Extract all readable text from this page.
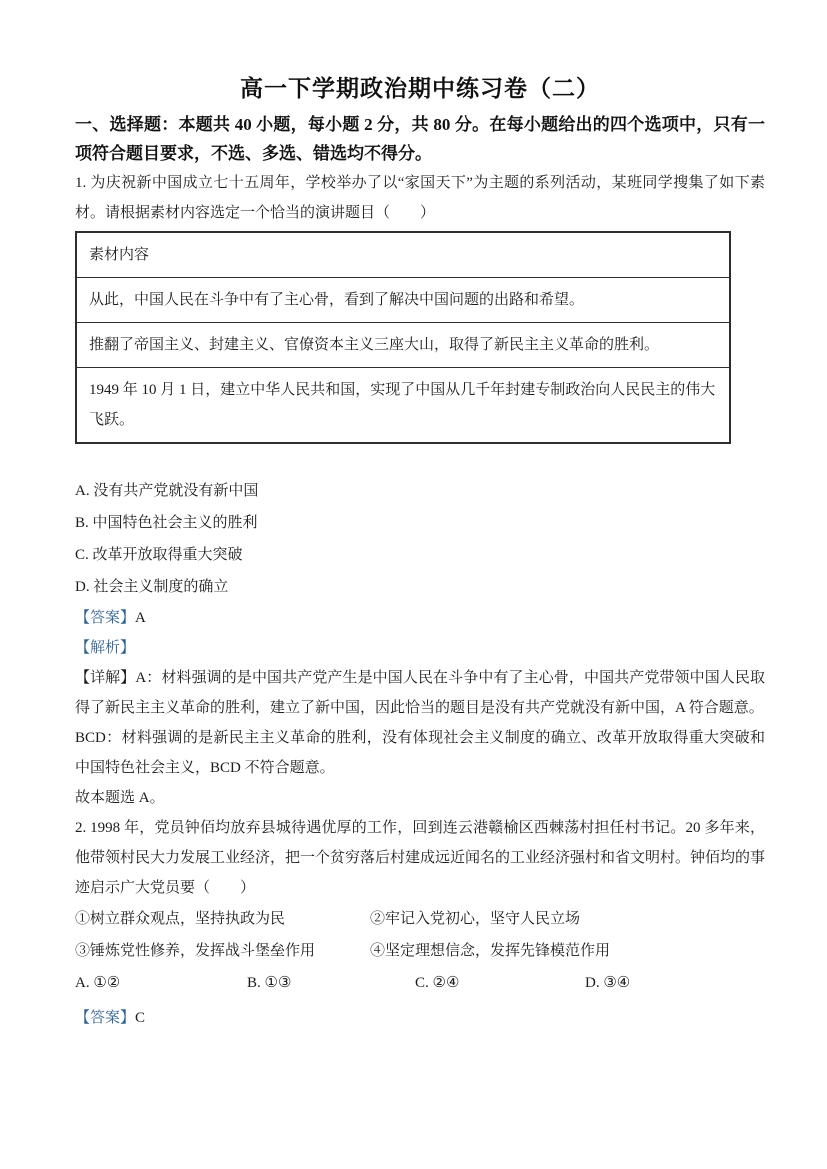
高一下学期政治期中练习卷（二）

一、选择题：本题共 40 小题，每小题 2 分，共 80 分。在每小题给出的四个选项中，只有一项符合题目要求，不选、多选、错选均不得分。

1. 为庆祝新中国成立七十五周年，学校举办了以“家国天下”为主题的系列活动，某班同学搜集了如下素材。请根据素材内容选定一个恰当的演讲题目（　　）

素材内容
从此，中国人民在斗争中有了主心骨，看到了解决中国问题的出路和希望。
推翻了帝国主义、封建主义、官僚资本主义三座大山，取得了新民主主义革命的胜利。
1949 年 10 月 1 日，建立中华人民共和国，实现了中国从几千年封建专制政治向人民民主的伟大飞跃。

A. 没有共产党就没有新中国

B. 中国特色社会主义的胜利

C. 改革开放取得重大突破

D. 社会主义制度的确立

【答案】A

【解析】

【详解】A：材料强调的是中国共产党产生是中国人民在斗争中有了主心骨，中国共产党带领中国人民取得了新民主主义革命的胜利，建立了新中国，因此恰当的题目是没有共产党就没有新中国，A 符合题意。

BCD：材料强调的是新民主主义革命的胜利，没有体现社会主义制度的确立、改革开放取得重大突破和中国特色社会主义，BCD 不符合题意。

故本题选 A。

2. 1998 年，党员钟佰均放弃县城待遇优厚的工作，回到连云港赣榆区西棘荡村担任村书记。20 多年来，他带领村民大力发展工业经济，把一个贫穷落后村建成远近闻名的工业经济强村和省文明村。钟佰均的事迹启示广大党员要（　　）

①树立群众观点，坚持执政为民	②牢记入党初心，坚守人民立场
③锤炼党性修养，发挥战斗堡垒作用	④坚定理想信念，发挥先锋模范作用
A. ①②	B. ①③	C. ②④	D. ③④

【答案】C
